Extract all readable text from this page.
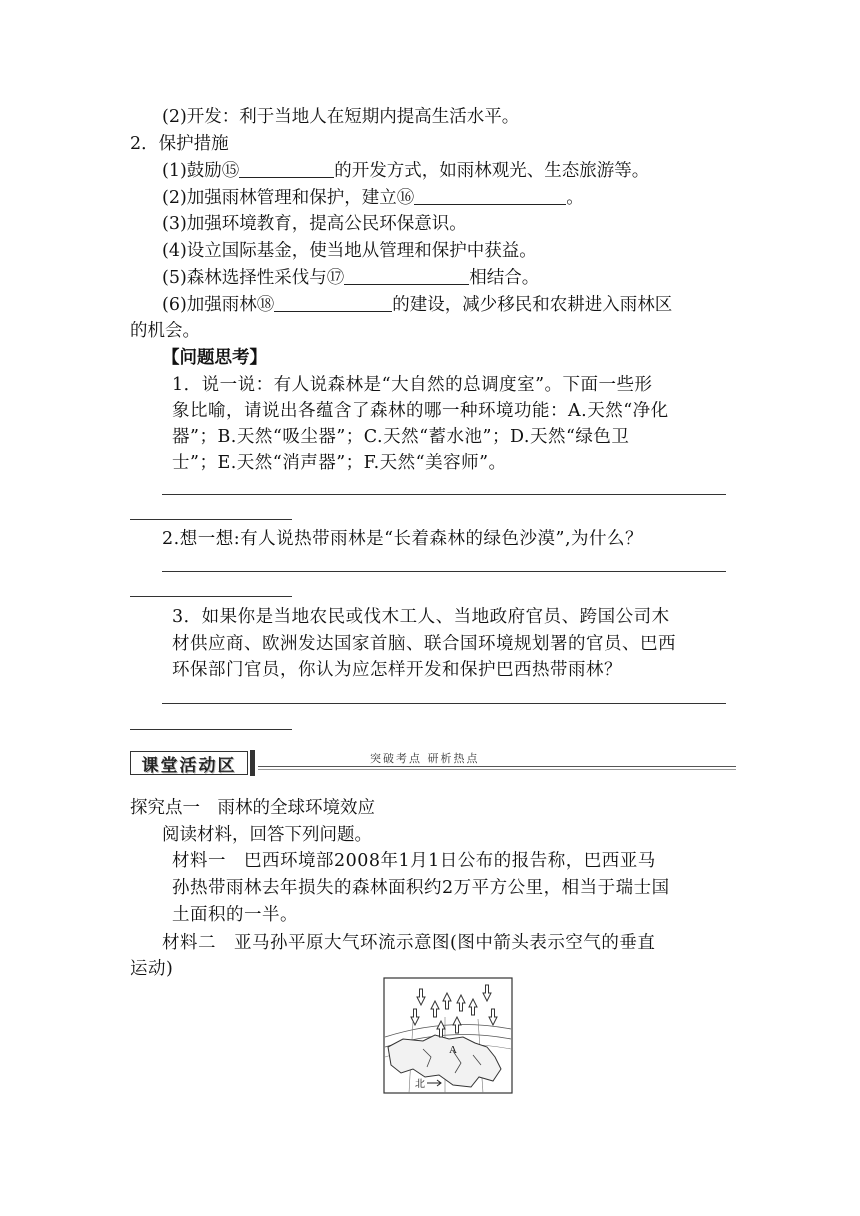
(2)开发：利于当地人在短期内提高生活水平。
2．保护措施
(1)鼓励⑮	的开发方式，如雨林观光、生态旅游等。
(2)加强雨林管理和保护，建立⑯	。
(3)加强环境教育，提高公民环保意识。
(4)设立国际基金，使当地从管理和保护中获益。
(5)森林选择性采伐与⑰	相结合。
(6)加强雨林⑱	的建设，减少移民和农耕进入雨林区
的机会。
【问题思考】
1．说一说：有人说森林是“大自然的总调度室”。下面一些形
象比喻，请说出各蕴含了森林的哪一种环境功能：A.天然“净化
器”；B.天然“吸尘器”；C.天然“蓄水池”；D.天然“绿色卫
士”；E.天然“消声器”；F.天然“美容师”。
2.想一想:有人说热带雨林是“长着森林的绿色沙漠”,为什么？
3．如果你是当地农民或伐木工人、当地政府官员、跨国公司木
材供应商、欧洲发达国家首脑、联合国环境规划署的官员、巴西
环保部门官员，你认为应怎样开发和保护巴西热带雨林？
课堂活动区	突破考点 研析热点
探究点一　雨林的全球环境效应
阅读材料，回答下列问题。
材料一　巴西环境部2008年1月1日公布的报告称，巴西亚马
孙热带雨林去年损失的森林面积约2万平方公里，相当于瑞士国
土面积的一半。
材料二　亚马孙平原大气环流示意图(图中箭头表示空气的垂直
运动)
A
北
